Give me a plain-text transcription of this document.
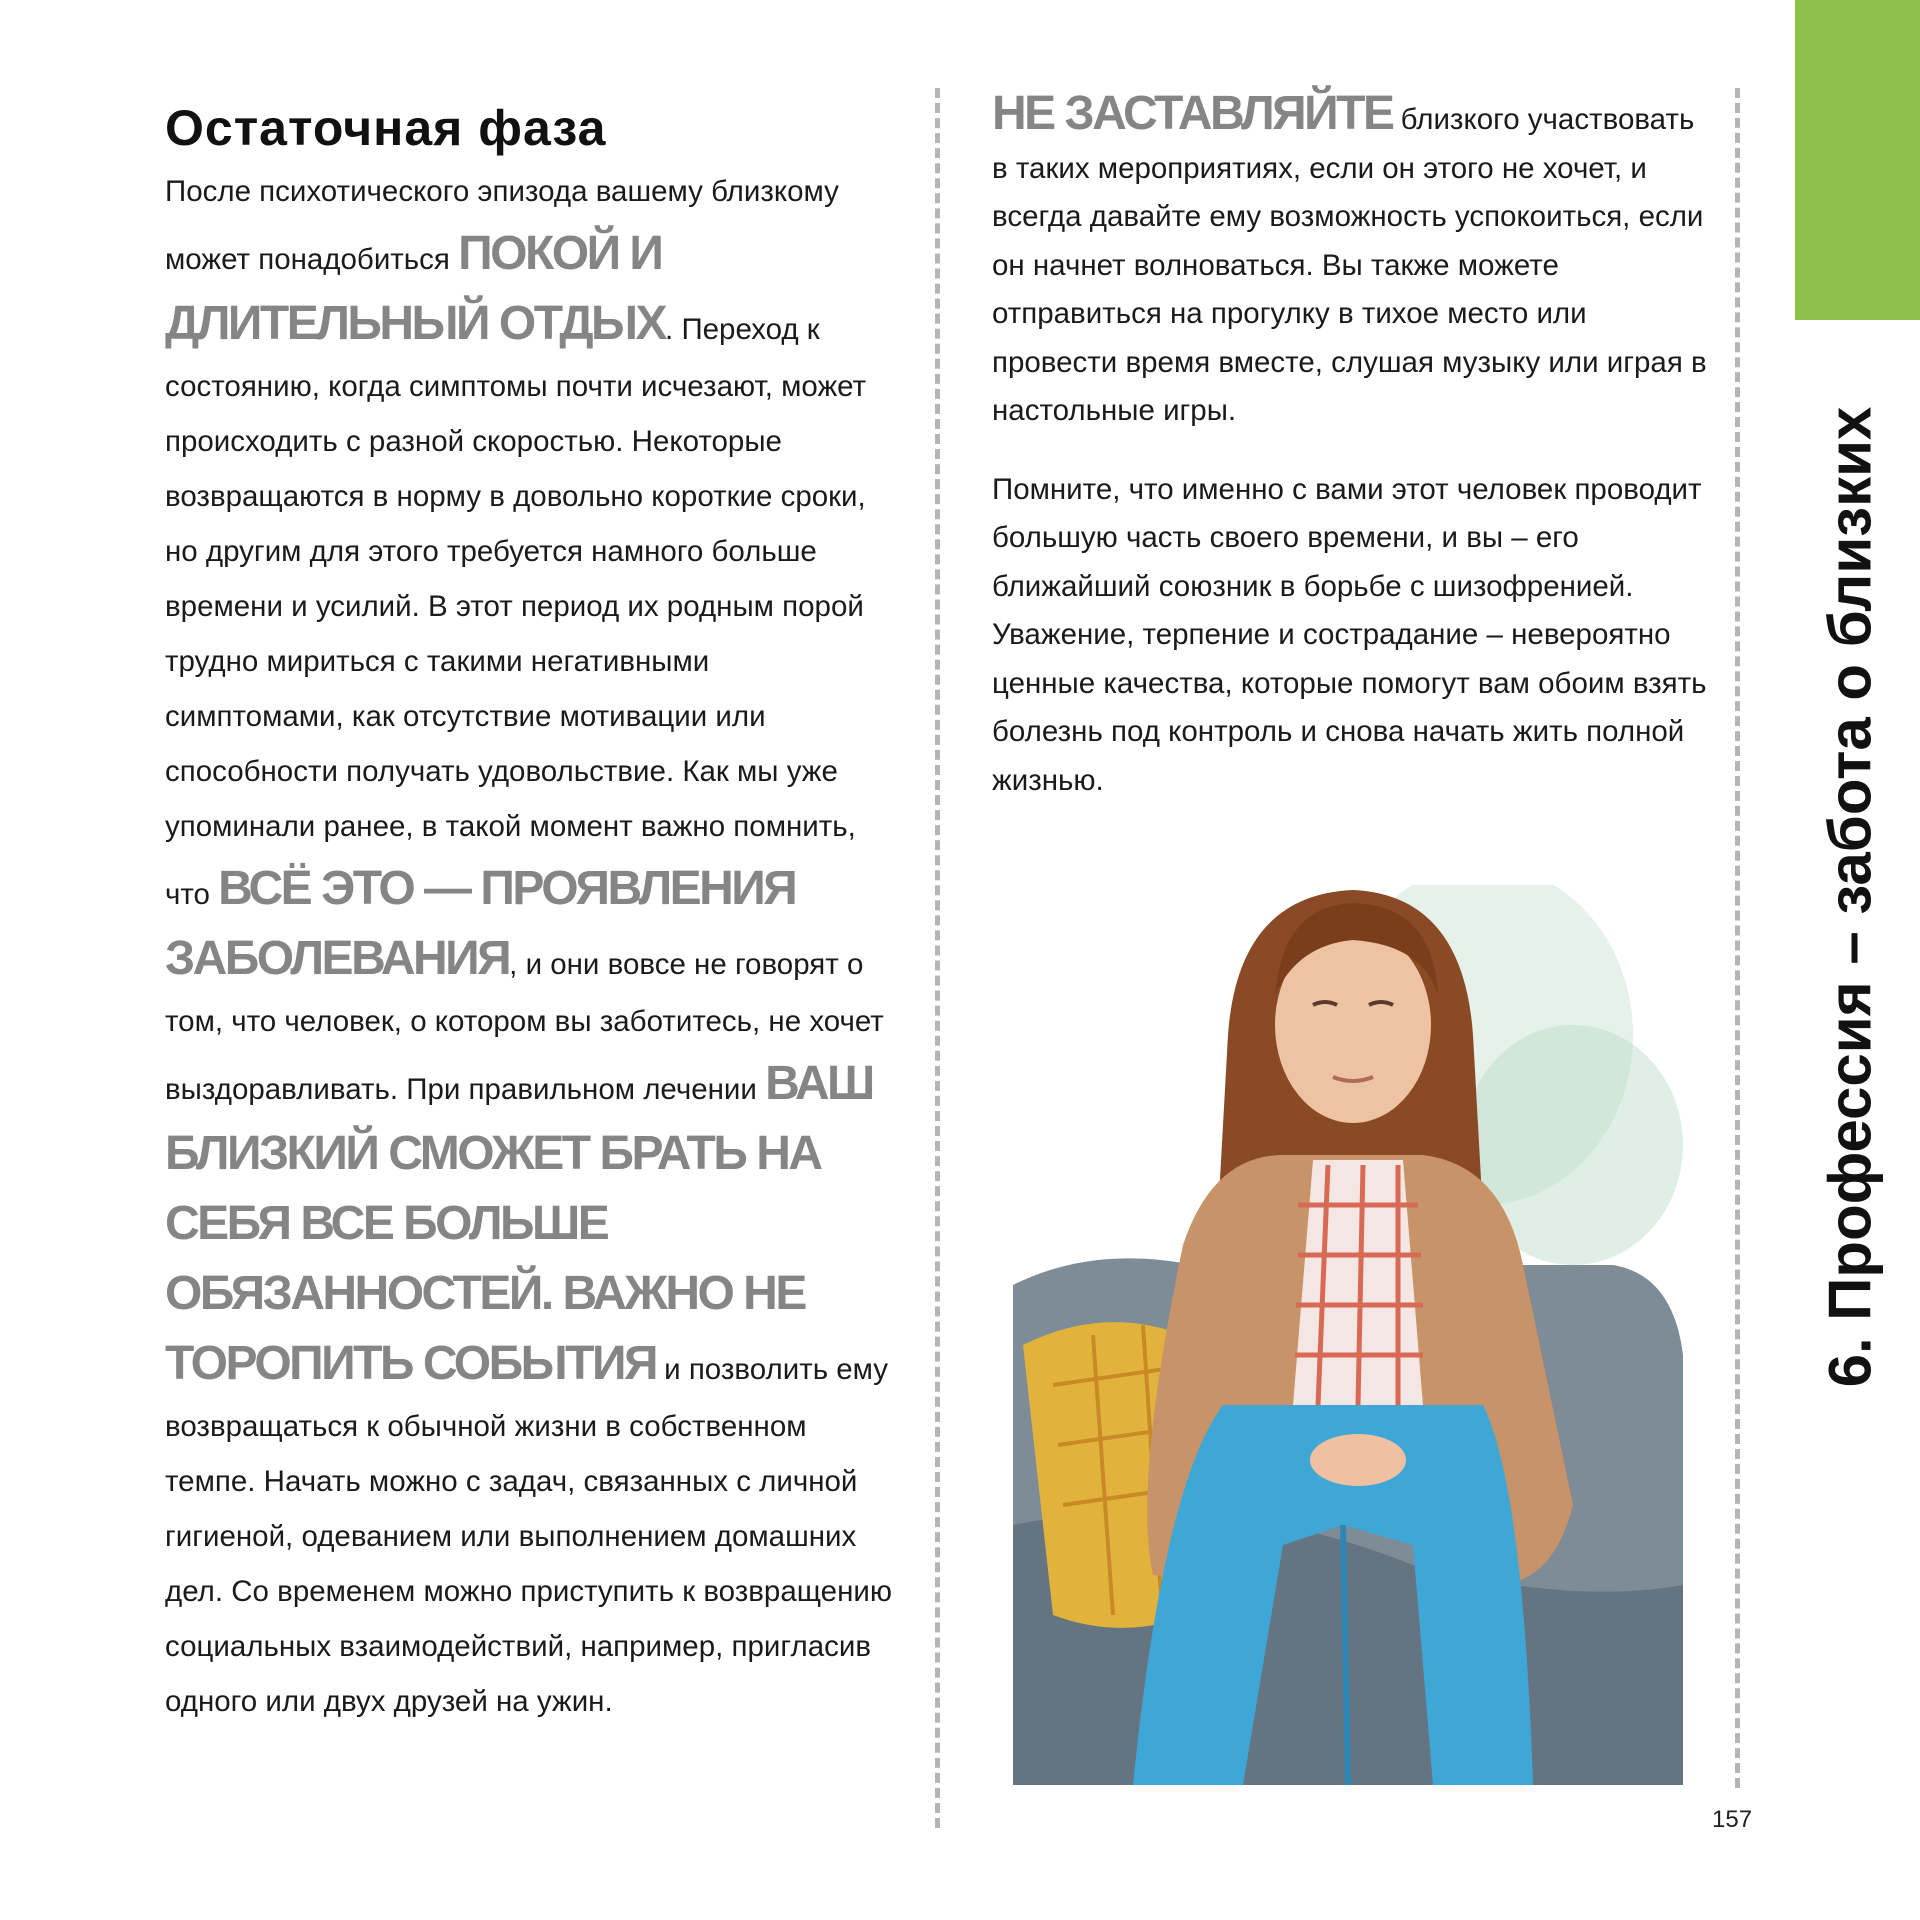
6. Профессия – забота о близких
Остаточная фаза

После психотического эпизода вашему близкому может понадобиться ПОКОЙ И ДЛИТЕЛЬНЫЙ ОТДЫХ. Переход к состоянию, когда симптомы почти исчезают, может происходить с разной скоростью. Некоторые возвращаются в норму в довольно короткие сроки, но другим для этого требуется намного больше времени и усилий. В этот период их родным порой трудно мириться с такими негативными симптомами, как отсутствие мотивации или способности получать удовольствие. Как мы уже упоминали ранее, в такой момент важно помнить, что ВСЁ ЭТО — ПРОЯВЛЕНИЯ ЗАБОЛЕВАНИЯ, и они вовсе не говорят о том, что человек, о котором вы заботитесь, не хочет выздоравливать. При правильном лечении ВАШ БЛИЗКИЙ СМОЖЕТ БРАТЬ НА СЕБЯ ВСЕ БОЛЬШЕ ОБЯЗАННОСТЕЙ. ВАЖНО НЕ ТОРОПИТЬ СОБЫТИЯ и позволить ему возвращаться к обычной жизни в собственном темпе. Начать можно с задач, связанных с личной гигиеной, одеванием или выполнением домашних дел. Со временем можно приступить к возвращению социальных взаимодействий, например, пригласив одного или двух друзей на ужин.

НЕ ЗАСТАВЛЯЙТЕ близкого участвовать в таких мероприятиях, если он этого не хочет, и всегда давайте ему возможность успокоиться, если он начнет волноваться. Вы также можете отправиться на прогулку в тихое место или провести время вместе, слушая музыку или играя в настольные игры.

Помните, что именно с вами этот человек проводит большую часть своего времени, и вы – его ближайший союзник в борьбе с шизофренией. Уважение, терпение и сострадание – невероятно ценные качества, которые помогут вам обоим взять болезнь под контроль и снова начать жить полной жизнью.

157
